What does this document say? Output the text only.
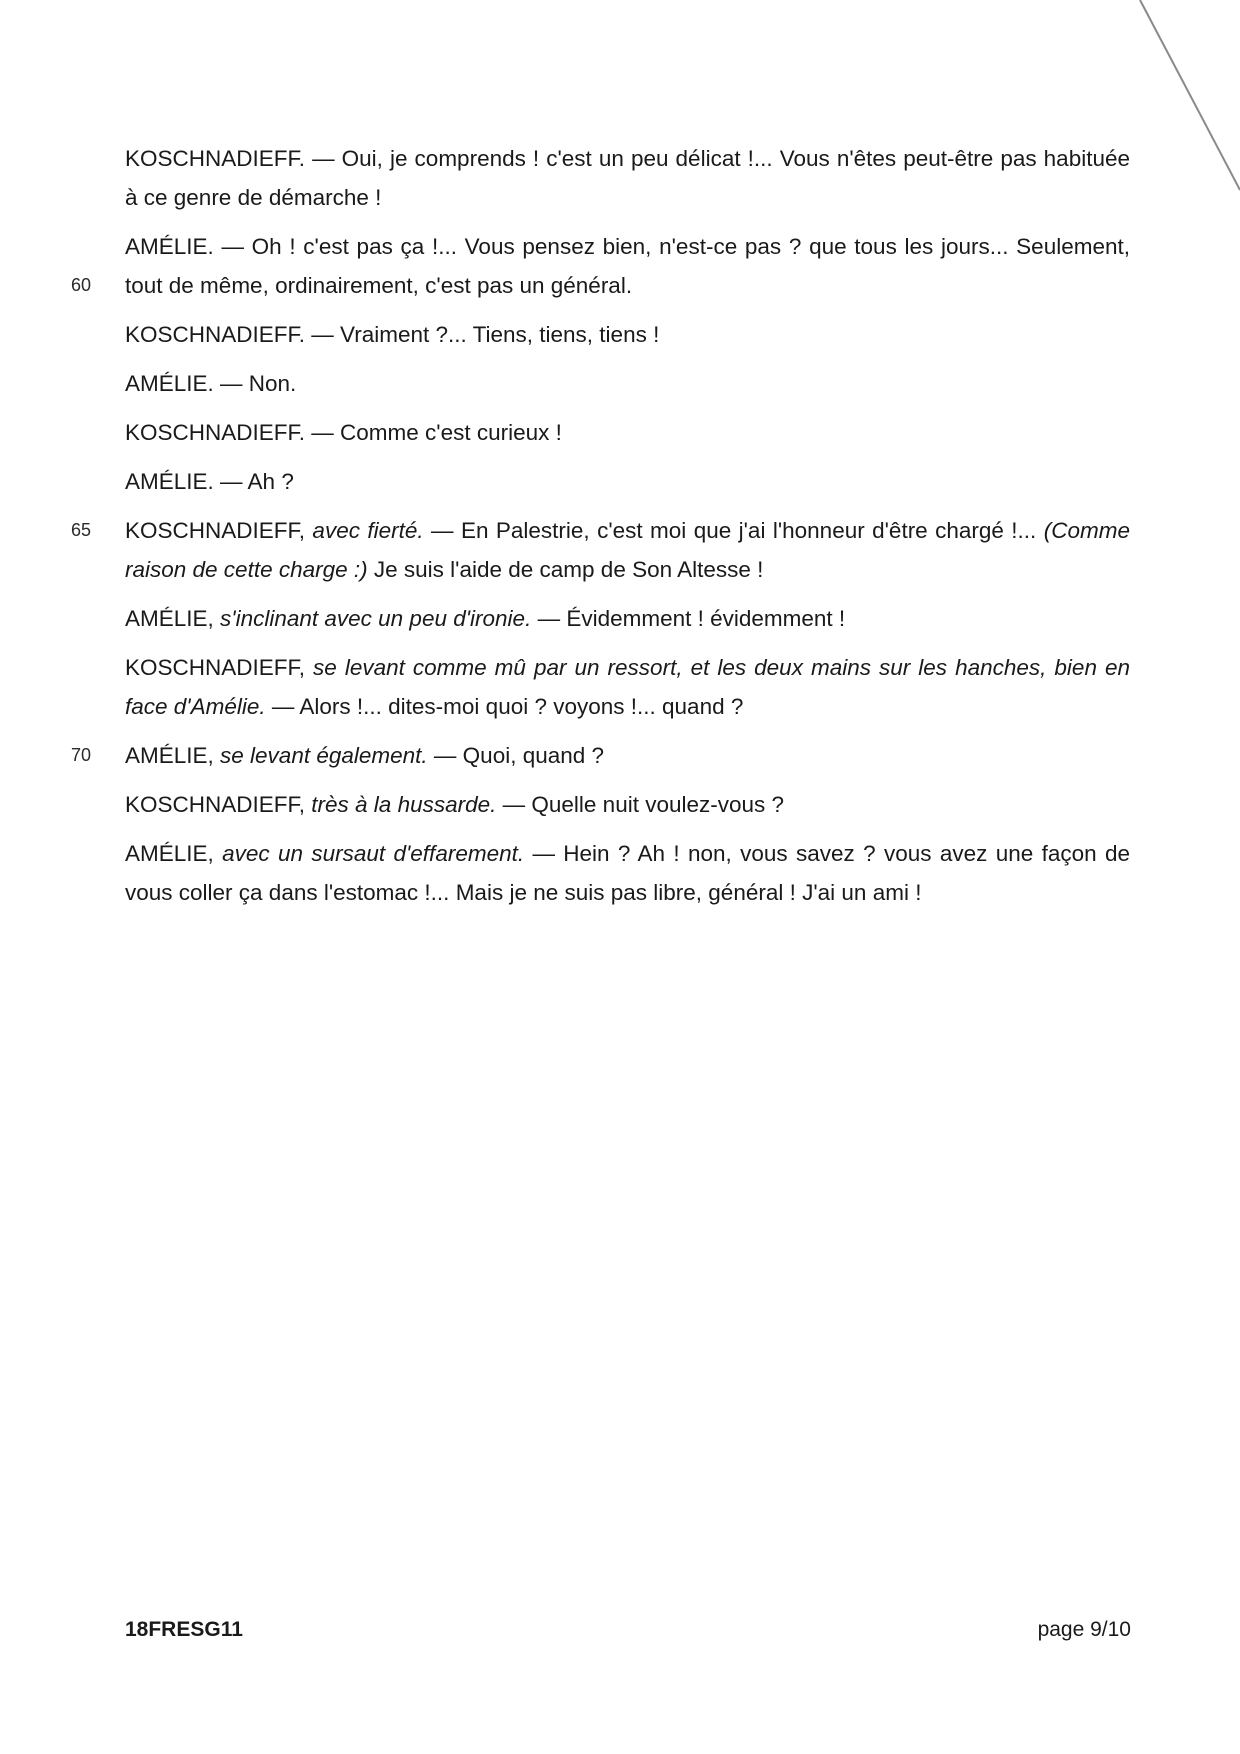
KOSCHNADIEFF. — Oui, je comprends ! c'est un peu délicat !... Vous n'êtes peut-être pas habituée à ce genre de démarche !

60
AMÉLIE. — Oh ! c'est pas ça !... Vous pensez bien, n'est-ce pas ? que tous les jours... Seulement, tout de même, ordinairement, c'est pas un général.

KOSCHNADIEFF. — Vraiment ?... Tiens, tiens, tiens !

AMÉLIE. — Non.

KOSCHNADIEFF. — Comme c'est curieux !

AMÉLIE. — Ah ?

65 KOSCHNADIEFF, avec fierté. — En Palestrie, c'est moi que j'ai l'honneur d'être chargé !... (Comme raison de cette charge :) Je suis l'aide de camp de Son Altesse !

AMÉLIE, s'inclinant avec un peu d'ironie. — Évidemment ! évidemment !

KOSCHNADIEFF, se levant comme mû par un ressort, et les deux mains sur les hanches, bien en face d'Amélie. — Alors !... dites-moi quoi ? voyons !... quand ?

70 AMÉLIE, se levant également. — Quoi, quand ?

KOSCHNADIEFF, très à la hussarde. — Quelle nuit voulez-vous ?

AMÉLIE, avec un sursaut d'effarement. — Hein ? Ah ! non, vous savez ? vous avez une façon de vous coller ça dans l'estomac !... Mais je ne suis pas libre, général ! J'ai un ami !

18FRESG11	page 9/10
